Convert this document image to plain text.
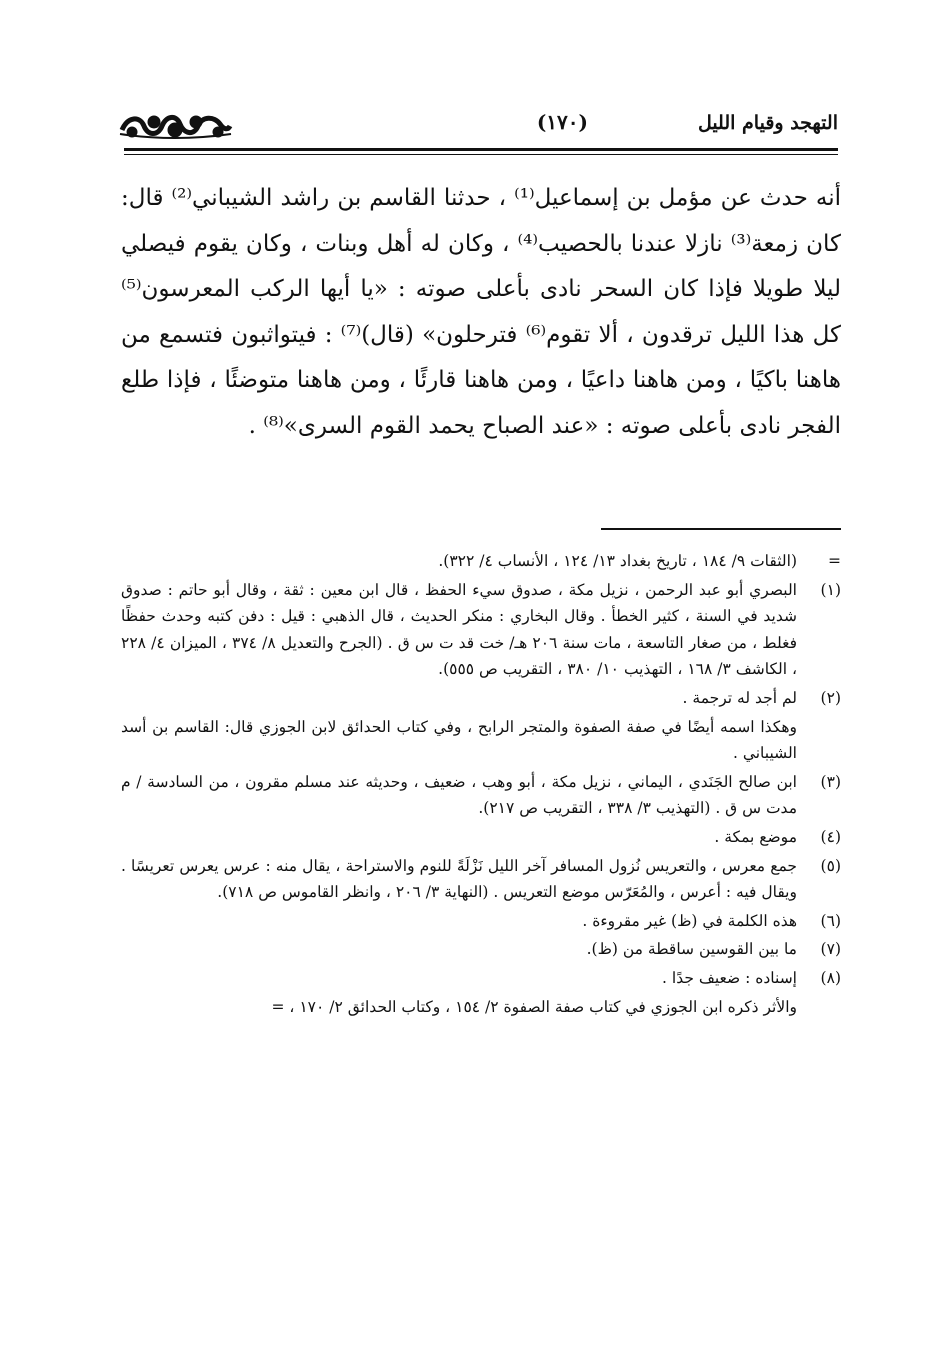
التهجد وقيام الليل
(١٧٠)

أنه حدث عن مؤمل بن إسماعيل⁽¹⁾ ، حدثنا القاسم بن راشد الشيباني⁽²⁾ قال: كان زمعة⁽³⁾ نازلا عندنا بالحصيب⁽⁴⁾ ، وكان له أهل وبنات ، وكان يقوم فيصلي ليلا طويلا فإذا كان السحر نادى بأعلى صوته : «يا أيها الركب المعرسون⁽⁵⁾ كل هذا الليل ترقدون ، ألا تقوم⁽⁶⁾ فترحلون» (قال)⁽⁷⁾ : فيتواثبون فتسمع من هاهنا باكيًا ، ومن هاهنا داعيًا ، ومن هاهنا قارئًا ، ومن هاهنا متوضئًا ، فإذا طلع الفجر نادى بأعلى صوته : «عند الصباح يحمد القوم السرى»⁽⁸⁾ .

=
(الثقات ٩/ ١٨٤ ، تاريخ بغداد ١٣/ ١٢٤ ، الأنساب ٤/ ٣٢٢).
(١)
البصري أبو عبد الرحمن ، نزيل مكة ، صدوق سيء الحفظ ، قال ابن معين : ثقة ، وقال أبو حاتم : صدوق شديد في السنة ، كثير الخطأ . وقال البخاري : منكر الحديث ، قال الذهبي : قيل : دفن كتبه وحدث حفظًا فغلط ، من صغار التاسعة ، مات سنة ٢٠٦ هـ/ خت قد ت س ق . (الجرح والتعديل ٨/ ٣٧٤ ، الميزان ٤/ ٢٢٨ ، الكاشف ٣/ ١٦٨ ، التهذيب ١٠/ ٣٨٠ ، التقريب ص ٥٥٥).
(٢)
لم أجد له ترجمة .
وهكذا اسمه أيضًا في صفة الصفوة والمتجر الرابح ، وفي كتاب الحدائق لابن الجوزي قال: القاسم بن أسد الشيباني .
(٣)
ابن صالح الجَنَدي ، اليماني ، نزيل مكة ، أبو وهب ، ضعيف ، وحديثه عند مسلم مقرون ، من السادسة / م مدت س ق . (التهذيب ٣/ ٣٣٨ ، التقريب ص ٢١٧).
(٤)
موضع بمكة .
(٥)
جمع معرس ، والتعريس نُزول المسافر آخر الليل نَزْلَةً للنوم والاستراحة ، يقال منه : عرس يعرس تعريسًا . ويقال فيه : أعرس ، والمُعَرّس موضع التعريس . (النهاية ٣/ ٢٠٦ ، وانظر القاموس ص ٧١٨).
(٦)
هذه الكلمة في (ظ) غير مقروءة .
(٧)
ما بين القوسين ساقطة من (ظ).
(٨)
إسناده : ضعيف جدًا .
والأثر ذكره ابن الجوزي في كتاب صفة الصفوة ٢/ ١٥٤ ، وكتاب الحدائق ٢/ ١٧٠ ، =
